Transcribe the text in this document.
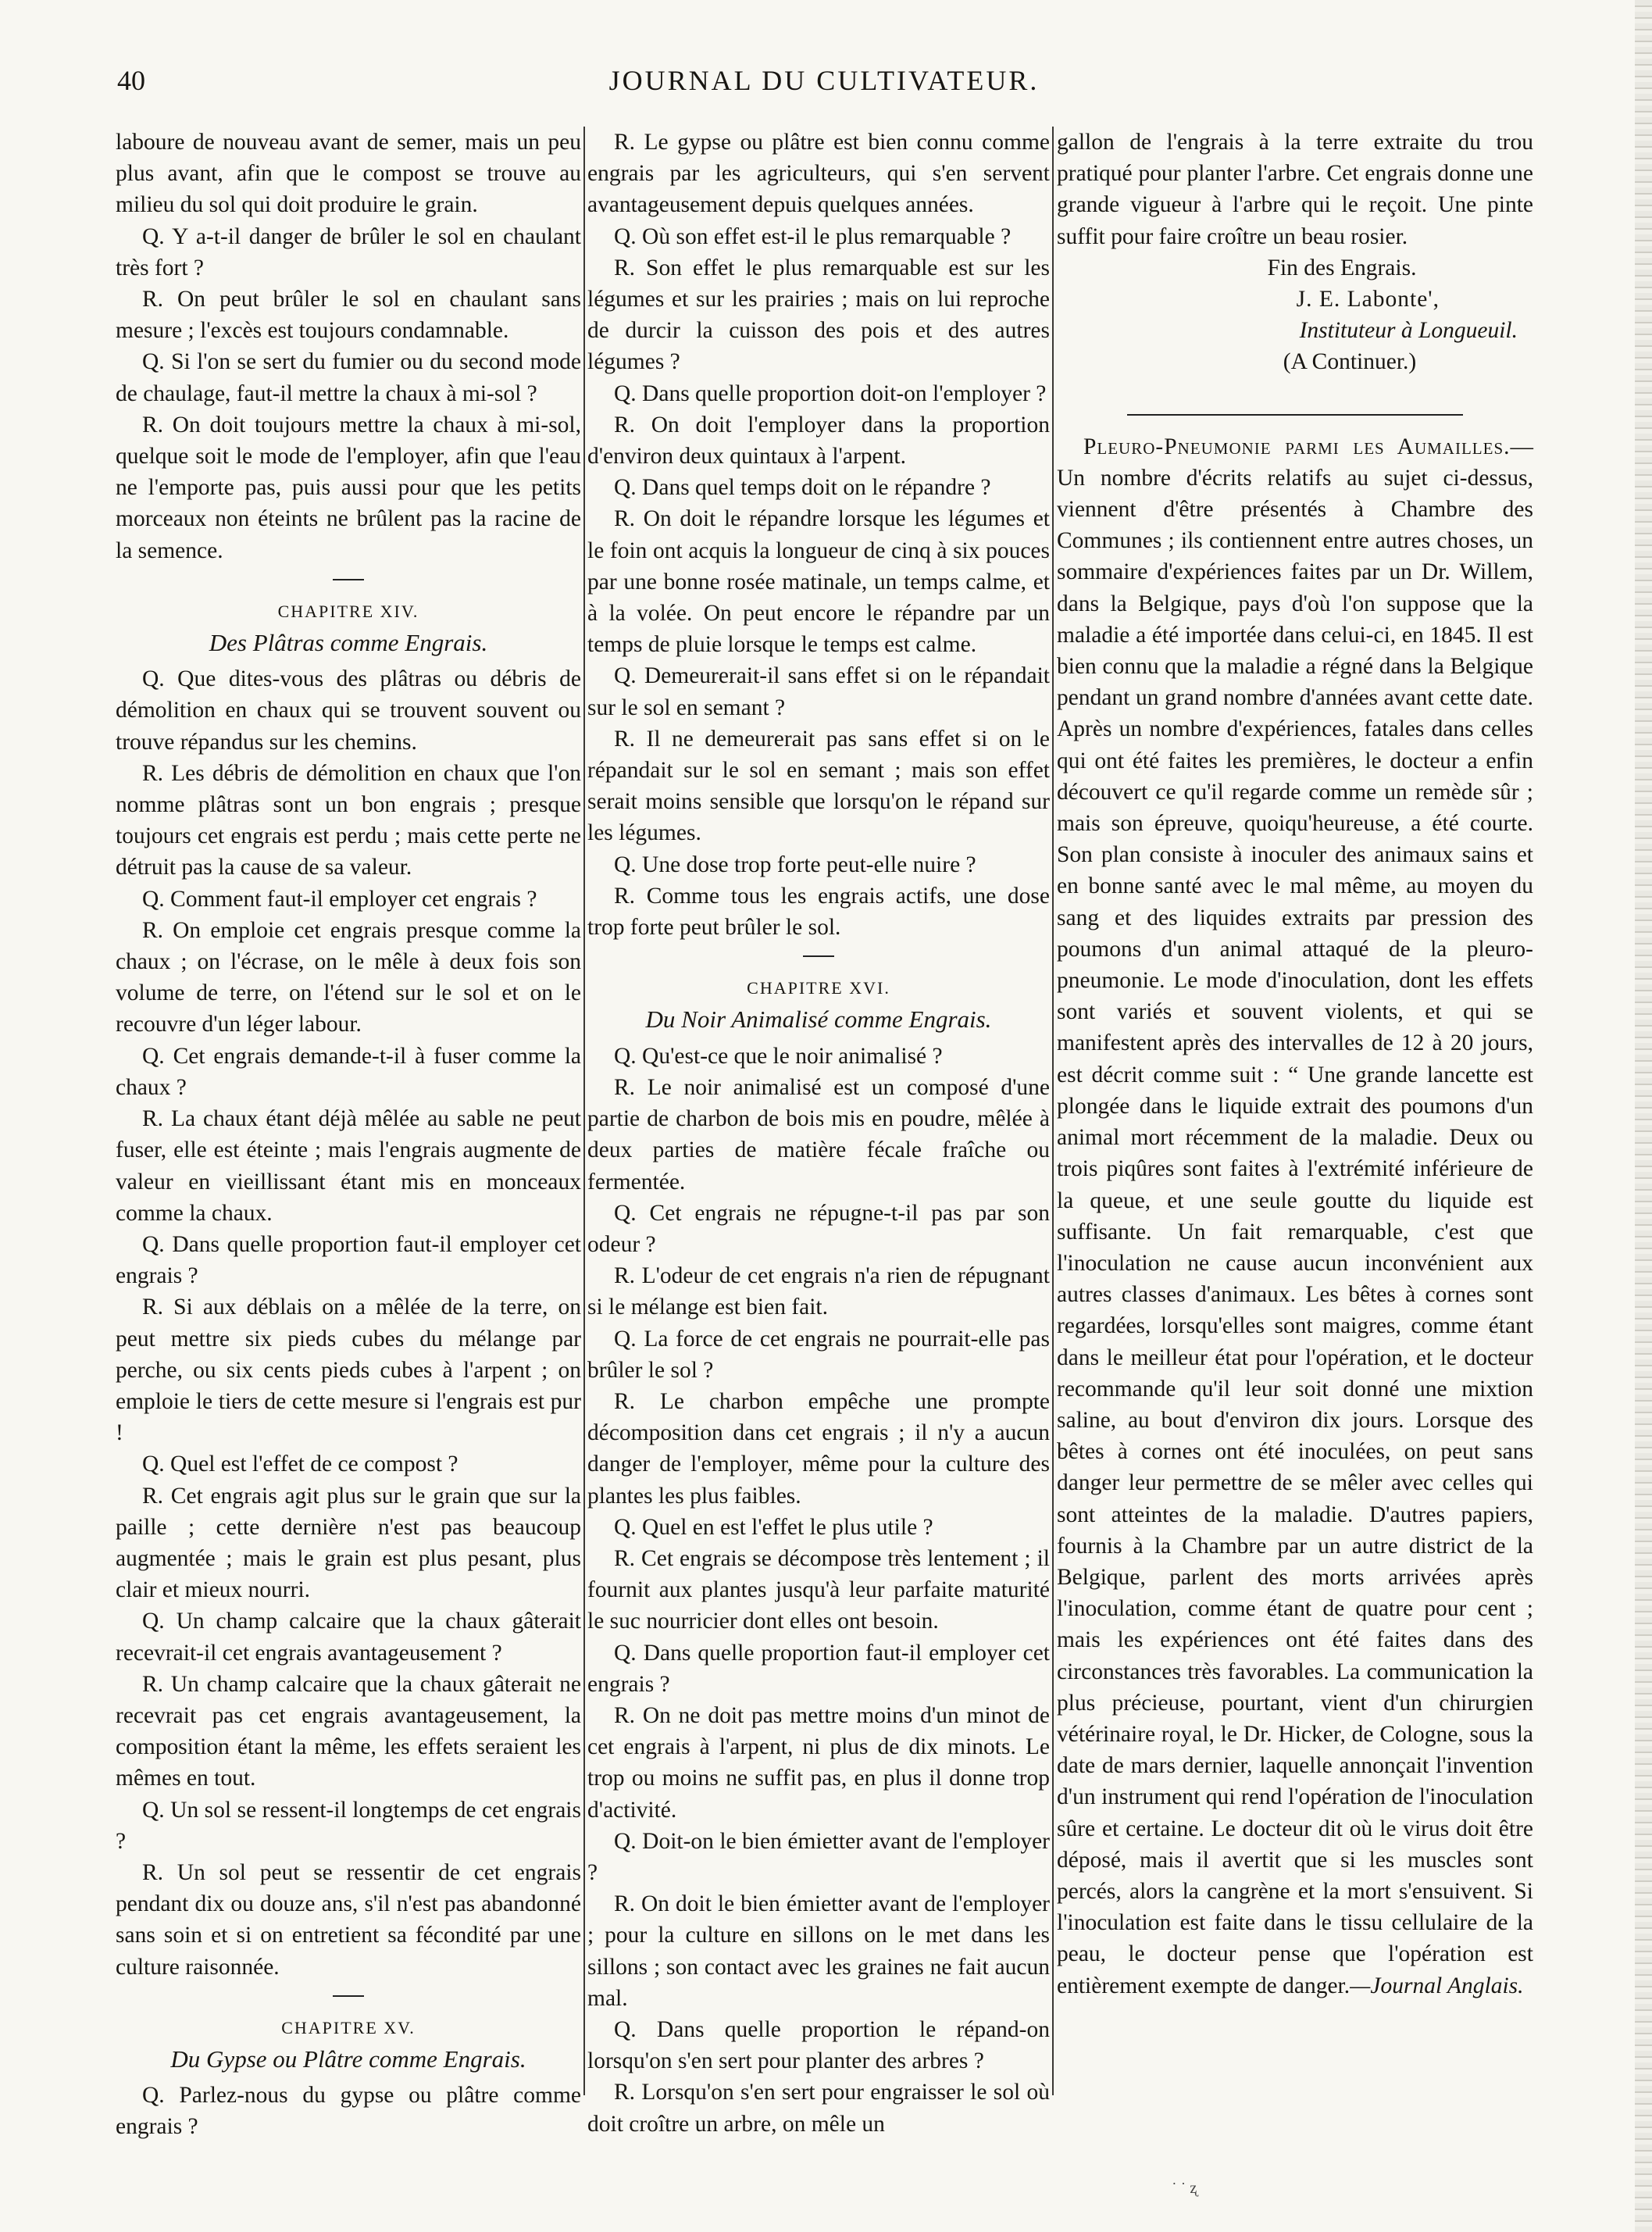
40	JOURNAL DU CULTIVATEUR.

laboure de nouveau avant de semer, mais un peu plus avant, afin que le compost se trouve au milieu du sol qui doit produire le grain.

Q. Y a-t-il danger de brûler le sol en chaulant très fort ?

R. On peut brûler le sol en chaulant sans mesure ; l'excès est toujours condamnable.

Q. Si l'on se sert du fumier ou du second mode de chaulage, faut-il mettre la chaux à mi-sol ?

R. On doit toujours mettre la chaux à mi-sol, quelque soit le mode de l'employer, afin que l'eau ne l'emporte pas, puis aussi pour que les petits morceaux non éteints ne brûlent pas la racine de la semence.

CHAPITRE XIV.
Des Plâtras comme Engrais.

Q. Que dites-vous des plâtras ou débris de démolition en chaux qui se trouvent souvent ou trouve répandus sur les chemins.

R. Les débris de démolition en chaux que l'on nomme plâtras sont un bon engrais ; presque toujours cet engrais est perdu ; mais cette perte ne détruit pas la cause de sa valeur.

Q. Comment faut-il employer cet engrais ?

R. On emploie cet engrais presque comme la chaux ; on l'écrase, on le mêle à deux fois son volume de terre, on l'étend sur le sol et on le recouvre d'un léger labour.

Q. Cet engrais demande-t-il à fuser comme la chaux ?

R. La chaux étant déjà mêlée au sable ne peut fuser, elle est éteinte ; mais l'engrais augmente de valeur en vieillissant étant mis en monceaux comme la chaux.

Q. Dans quelle proportion faut-il employer cet engrais ?

R. Si aux déblais on a mêlée de la terre, on peut mettre six pieds cubes du mélange par perche, ou six cents pieds cubes à l'arpent ; on emploie le tiers de cette mesure si l'engrais est pur !

Q. Quel est l'effet de ce compost ?

R. Cet engrais agit plus sur le grain que sur la paille ; cette dernière n'est pas beaucoup augmentée ; mais le grain est plus pesant, plus clair et mieux nourri.

Q. Un champ calcaire que la chaux gâterait recevrait-il cet engrais avantageusement ?

R. Un champ calcaire que la chaux gâterait ne recevrait pas cet engrais avantageusement, la composition étant la même, les effets seraient les mêmes en tout.

Q. Un sol se ressent-il longtemps de cet engrais ?

R. Un sol peut se ressentir de cet engrais pendant dix ou douze ans, s'il n'est pas abandonné sans soin et si on entretient sa fécondité par une culture raisonnée.

CHAPITRE XV.
Du Gypse ou Plâtre comme Engrais.

Q. Parlez-nous du gypse ou plâtre comme engrais ?

R. Le gypse ou plâtre est bien connu comme engrais par les agriculteurs, qui s'en servent avantageusement depuis quelques années.

Q. Où son effet est-il le plus remarquable ?

R. Son effet le plus remarquable est sur les légumes et sur les prairies ; mais on lui reproche de durcir la cuisson des pois et des autres légumes ?

Q. Dans quelle proportion doit-on l'employer ?

R. On doit l'employer dans la proportion d'environ deux quintaux à l'arpent.

Q. Dans quel temps doit on le répandre ?

R. On doit le répandre lorsque les légumes et le foin ont acquis la longueur de cinq à six pouces par une bonne rosée matinale, un temps calme, et à la volée. On peut encore le répandre par un temps de pluie lorsque le temps est calme.

Q. Demeurerait-il sans effet si on le répandait sur le sol en semant ?

R. Il ne demeurerait pas sans effet si on le répandait sur le sol en semant ; mais son effet serait moins sensible que lorsqu'on le répand sur les légumes.

Q. Une dose trop forte peut-elle nuire ?

R. Comme tous les engrais actifs, une dose trop forte peut brûler le sol.

CHAPITRE XVI.
Du Noir Animalisé comme Engrais.

Q. Qu'est-ce que le noir animalisé ?

R. Le noir animalisé est un composé d'une partie de charbon de bois mis en poudre, mêlée à deux parties de matière fécale fraîche ou fermentée.

Q. Cet engrais ne répugne-t-il pas par son odeur ?

R. L'odeur de cet engrais n'a rien de répugnant si le mélange est bien fait.

Q. La force de cet engrais ne pourrait-elle pas brûler le sol ?

R. Le charbon empêche une prompte décomposition dans cet engrais ; il n'y a aucun danger de l'employer, même pour la culture des plantes les plus faibles.

Q. Quel en est l'effet le plus utile ?

R. Cet engrais se décompose très lentement ; il fournit aux plantes jusqu'à leur parfaite maturité le suc nourricier dont elles ont besoin.

Q. Dans quelle proportion faut-il employer cet engrais ?

R. On ne doit pas mettre moins d'un minot de cet engrais à l'arpent, ni plus de dix minots. Le trop ou moins ne suffit pas, en plus il donne trop d'activité.

Q. Doit-on le bien émietter avant de l'employer ?

R. On doit le bien émietter avant de l'employer ; pour la culture en sillons on le met dans les sillons ; son contact avec les graines ne fait aucun mal.

Q. Dans quelle proportion le répand-on lorsqu'on s'en sert pour planter des arbres ?

R. Lorsqu'on s'en sert pour engraisser le sol où doit croître un arbre, on mêle un

gallon de l'engrais à la terre extraite du trou pratiqué pour planter l'arbre. Cet engrais donne une grande vigueur à l'arbre qui le reçoit. Une pinte suffit pour faire croître un beau rosier.

Fin des Engrais.
J. E. Labonte',
Instituteur à Longueuil.
(A Continuer.)

Pleuro-Pneumonie parmi les Aumailles.—Un nombre d'écrits relatifs au sujet ci-dessus, viennent d'être présentés à Chambre des Communes ; ils contiennent entre autres choses, un sommaire d'expériences faites par un Dr. Willem, dans la Belgique, pays d'où l'on suppose que la maladie a été importée dans celui-ci, en 1845. Il est bien connu que la maladie a régné dans la Belgique pendant un grand nombre d'années avant cette date. Après un nombre d'expériences, fatales dans celles qui ont été faites les premières, le docteur a enfin découvert ce qu'il regarde comme un remède sûr ; mais son épreuve, quoiqu'heureuse, a été courte. Son plan consiste à inoculer des animaux sains et en bonne santé avec le mal même, au moyen du sang et des liquides extraits par pression des poumons d'un animal attaqué de la pleuro-pneumonie. Le mode d'inoculation, dont les effets sont variés et souvent violents, et qui se manifestent après des intervalles de 12 à 20 jours, est décrit comme suit : “ Une grande lancette est plongée dans le liquide extrait des poumons d'un animal mort récemment de la maladie. Deux ou trois piqûres sont faites à l'extrémité inférieure de la queue, et une seule goutte du liquide est suffisante. Un fait remarquable, c'est que l'inoculation ne cause aucun inconvénient aux autres classes d'animaux. Les bêtes à cornes sont regardées, lorsqu'elles sont maigres, comme étant dans le meilleur état pour l'opération, et le docteur recommande qu'il leur soit donné une mixtion saline, au bout d'environ dix jours. Lorsque des bêtes à cornes ont été inoculées, on peut sans danger leur permettre de se mêler avec celles qui sont atteintes de la maladie. D'autres papiers, fournis à la Chambre par un autre district de la Belgique, parlent des morts arrivées après l'inoculation, comme étant de quatre pour cent ; mais les expériences ont été faites dans des circonstances très favorables. La communication la plus précieuse, pourtant, vient d'un chirurgien vétérinaire royal, le Dr. Hicker, de Cologne, sous la date de mars dernier, laquelle annonçait l'invention d'un instrument qui rend l'opération de l'inoculation sûre et certaine. Le docteur dit où le virus doit être déposé, mais il avertit que si les muscles sont percés, alors la cangrène et la mort s'ensuivent. Si l'inoculation est faite dans le tissu cellulaire de la peau, le docteur pense que l'opération est entièrement exempte de danger.—Journal Anglais.

˙ ˙ ʐ
